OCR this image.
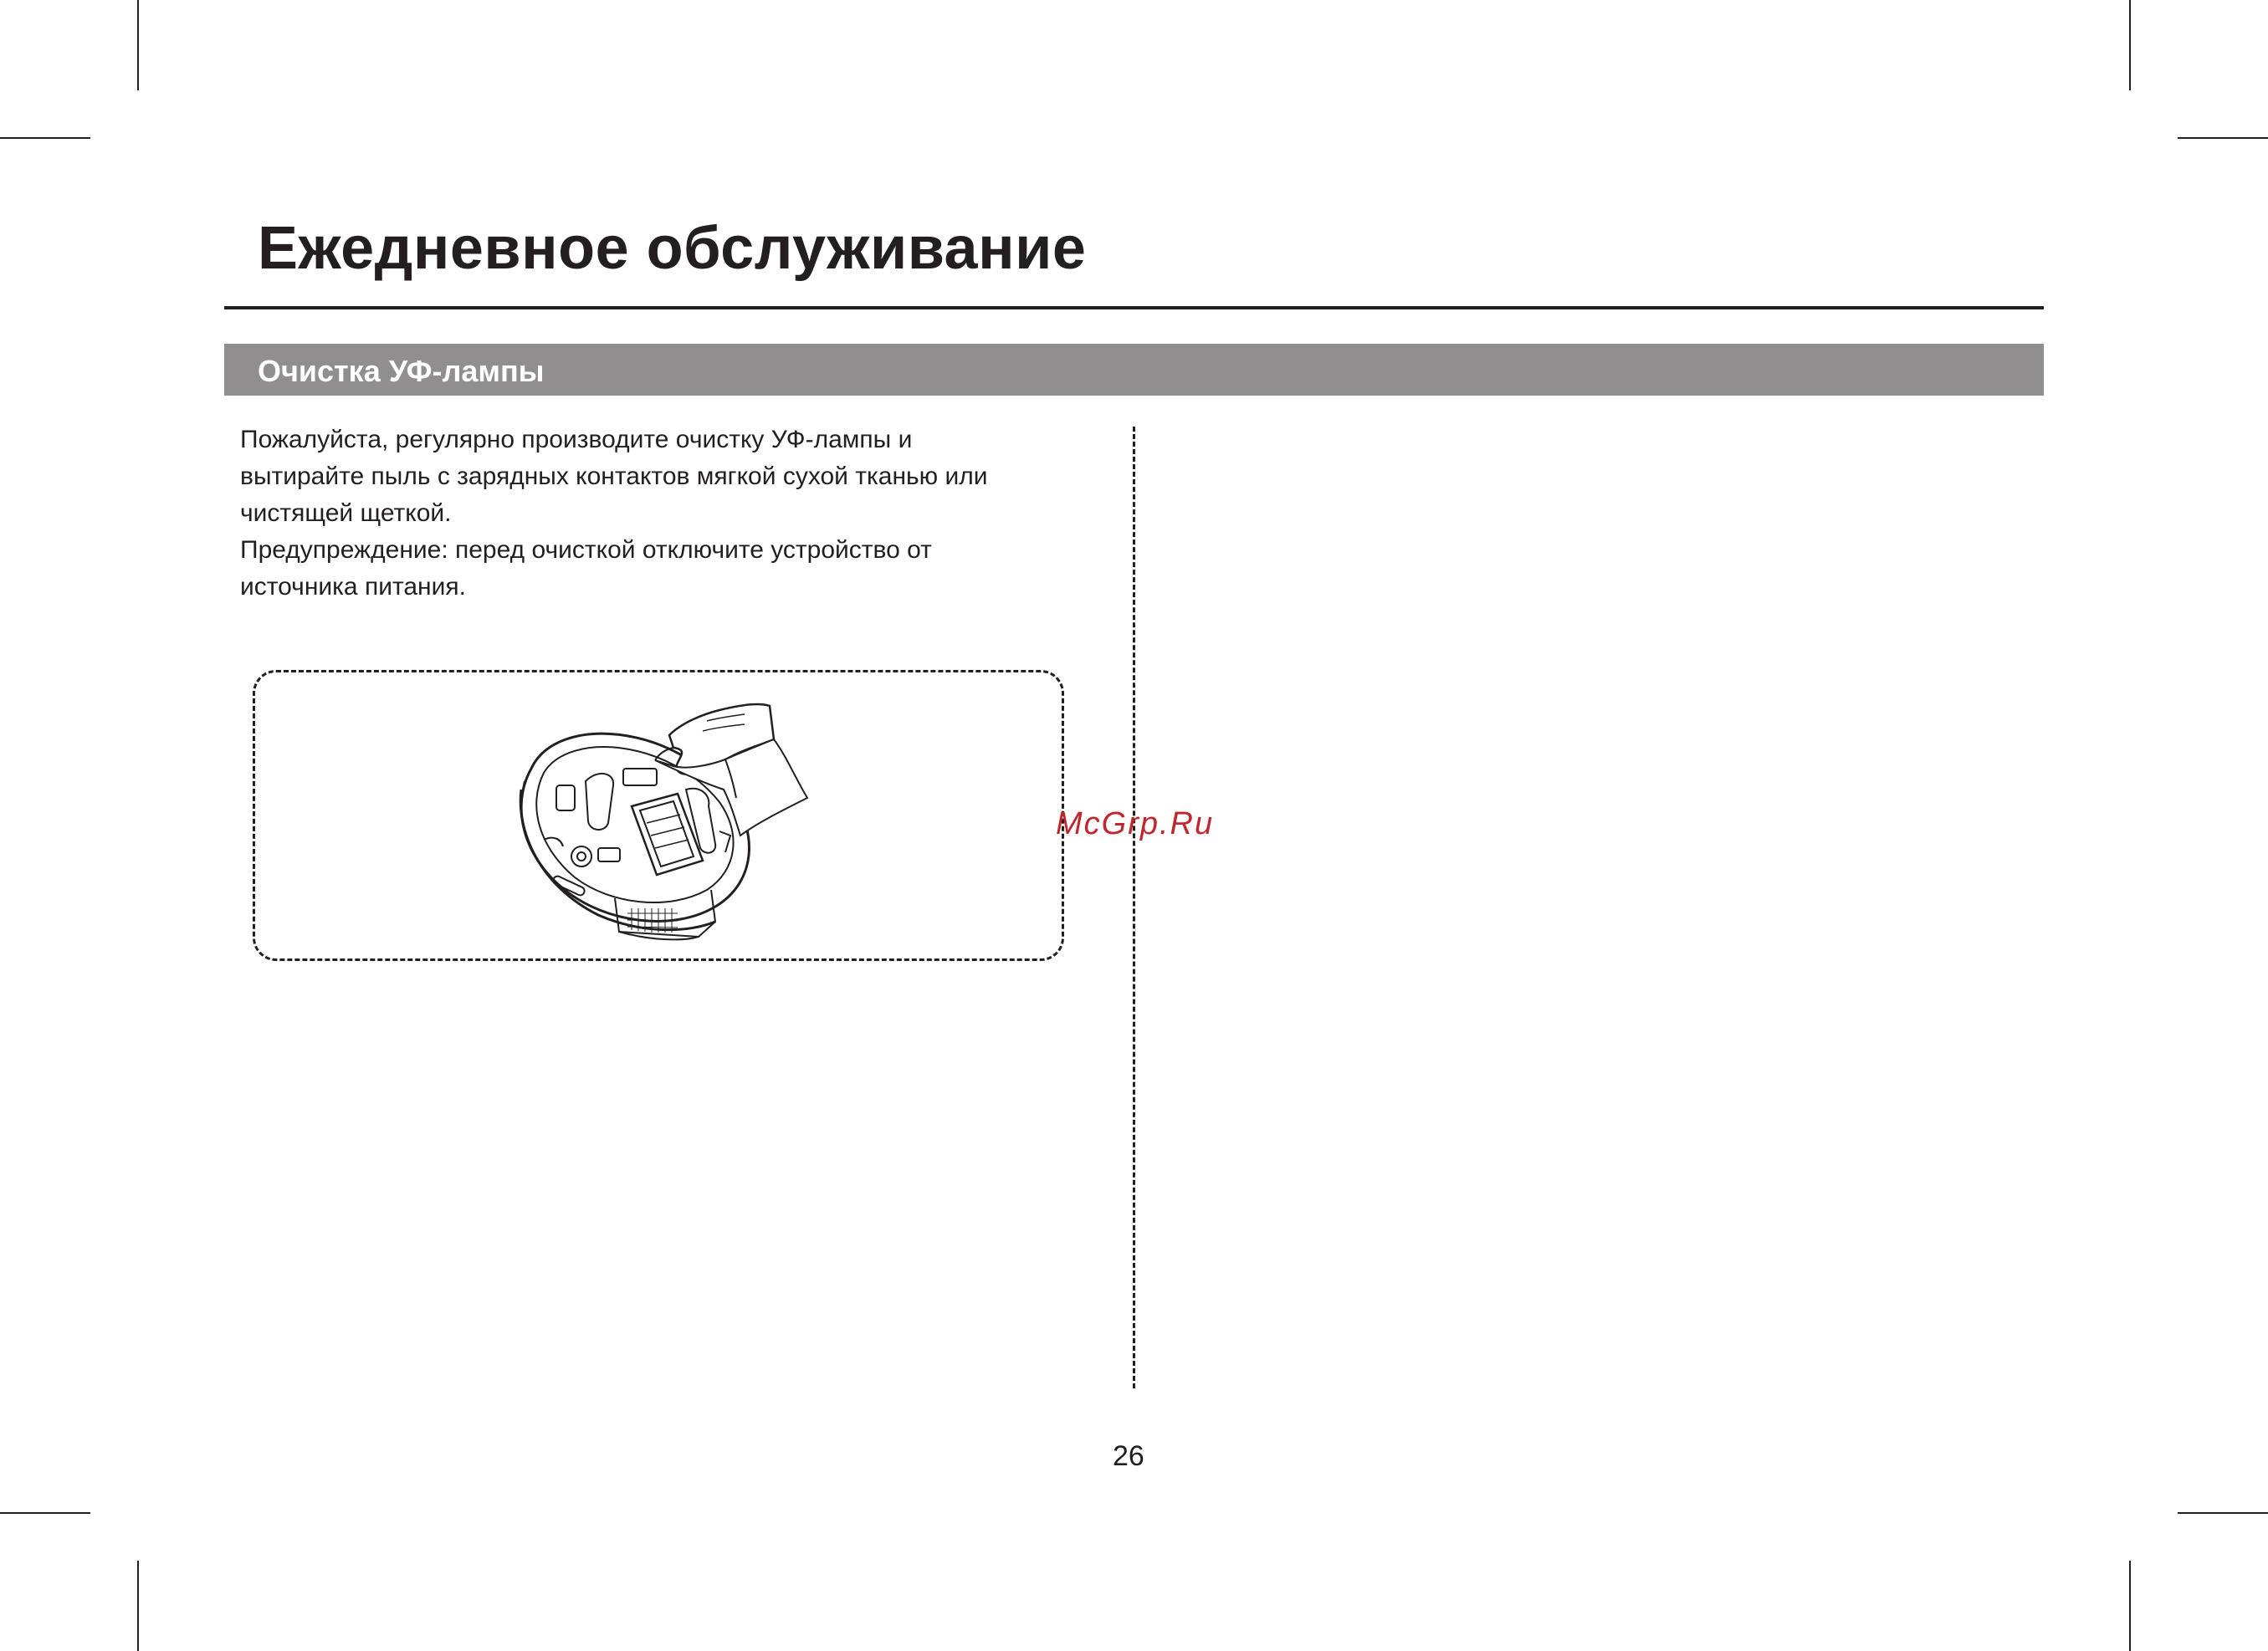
Ежедневное обслуживание
Очистка УФ-лампы

Пожалуйста, регулярно производите очистку УФ-лампы и

вытирайте пыль с зарядных контактов мягкой сухой тканью или

чистящей щеткой.

Предупреждение: перед очисткой отключите устройство от

источника питания.

McGrp.Ru
26
